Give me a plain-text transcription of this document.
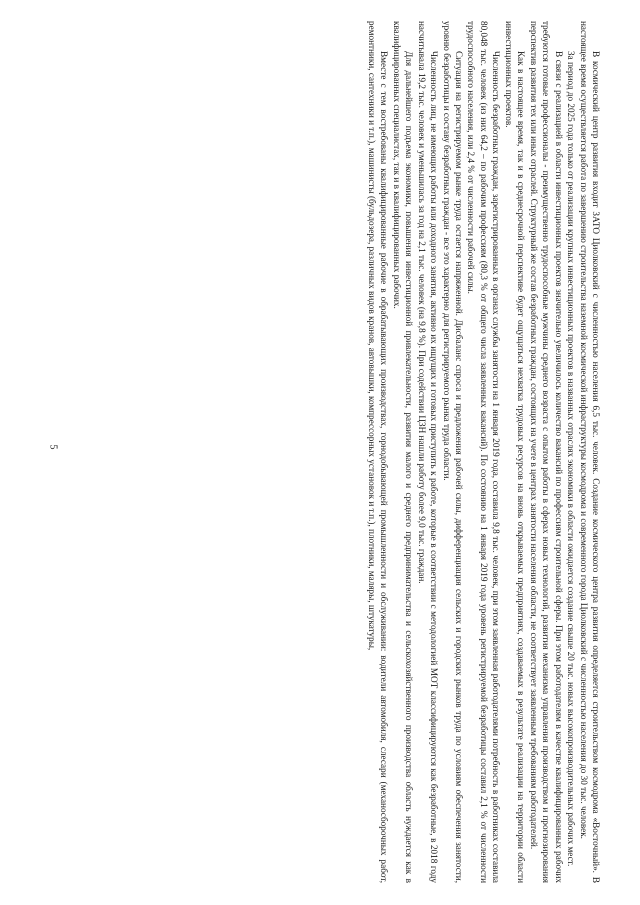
5	В космический центр развития входит ЗАТО Циолковский с численностью населения 6,5 тыс. человек. Создание космического центра развития определяется строительством космодрома «Восточный». В настоящее время осуществляется работа по завершению строительства наземной космической инфраструктуры космодрома и современного города Циолковский с численностью населения до 30 тыс. человек.

За период до 2025 года только от реализации крупных инвестиционных проектов в названных отраслях экономики в области ожидается создание свыше 20 тыс. новых высокопроизводительных рабочих мест.

В связи с реализацией в области инвестиционных проектов значительно увеличилось количество вакансий по профессиям строительной сферы. При этом работодателям в качестве квалифицированных рабочих требуются готовые профессионалы - преимущественно трудоспособные мужчины среднего возраста с опытом работы в сферах новых технологий, развития механизма управления производством и прогнозирования перспектив развития тех или иных отраслей. Структурный же состав безработных граждан, состоящих на учете в центрах занятости населения области, не соответствует заявленным требованиям работодателей.

Как в настоящее время, так и в среднесрочной перспективе будет ощущаться нехватка трудовых ресурсов на вновь открываемых предприятиях, создаваемых в результате реализации на территории области инвестиционных проектов.

Численность безработных граждан, зарегистрированных в органах службы занятости на 1 января 2019 года, составила 9,8 тыс. человек, при этом заявленная работодателями потребность в работниках составила 80,048 тыс. человек (из них 64,2 – по рабочим профессиям (80,3 % от общего числа заявленных вакансий). По состоянию на 1 января 2019 года уровень регистрируемой безработицы составил 2,1 % от численности трудоспособного населения, или 2,4 % от численности рабочей силы.

Ситуация на регистрируемом рынке труда остается напряженной. Дисбаланс спроса и предложения рабочей силы, дифференциация сельских и городских рынков труда по условиям обеспечения занятости, уровню безработицы и составу безработных граждан - все это характерно для регистрируемого рынка труда области.

Численность лиц, не имеющих работы или доходного занятия, активно их ищущих и готовых приступить к работе, которые в соответствии с методологией МОТ классифицируются как безработные, в 2018 году насчитывала 19,2 тыс. человек и уменьшилась за год на 2,1 тыс. человек (на 9,8 %). При содействии ЦЗН нашли работу более 9,0 тыс. граждан.

Для дальнейшего подъема экономики, повышения инвестиционной привлекательности, развития малого и среднего предпринимательства и сельскохозяйственного производства область нуждается как в квалифицированных специалистах, так и в квалифицированных рабочих.

Вместе с тем востребованы квалифицированные рабочие в обрабатывающих производствах, горнодобывающей промышленности и обслуживании: водители автомобиля, слесари (механосборочных работ, ремонтники, сантехники и т.п.), машинисты (бульдозера, различных видов кранов, автовышки, компрессорных установок и т.п.), плотники, маляры, штукатуры,
